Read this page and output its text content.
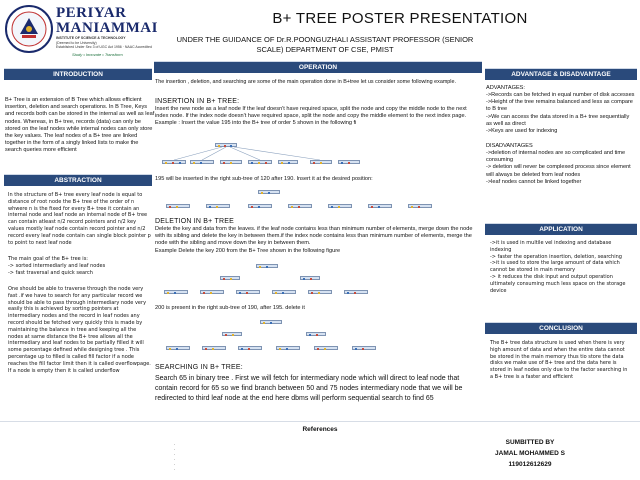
PERIYAR
MANIAMMAI
INSTITUTE OF SCIENCE & TECHNOLOGY
(Deemed to be University)
Established Under Sec 3 of UGC Act 1956 · NAAC Accredited
Study • Innovate • Transform
B+ TREE POSTER PRESENTATION
UNDER THE GUIDANCE OF Dr.R.POONGUZHALI ASSISTANT PROFESSOR (SENIOR SCALE) DEPARTMENT OF CSE, PMIST
INTRODUCTION
B+ Tree is an extension of B Tree which allows efficient insertion, deletion and search operations. In B Tree, Keys and records both can be stored in the internal as well as leaf nodes. Whereas, in B+ tree, records (data) can only be stored on the leaf nodes while internal nodes can only store the key values. The leaf nodes of a B+ tree are linked together in the form of a singly linked lists to make the search queries more efficient
ABSTRACTION
In the structure of B+ tree every leaf node is equal to distance of root node the B+ tree of the order of n whwere n is the fixed for every B+ tree it contain an internal node and leaf node an internal node of B+ tree can contain atleast n/2 record pointers and n/2 key values mostly leaf node contain record pointer and n/2 record every leaf node contain can single block pointer p to point to next leaf node
The main goal of the B+ tree is:
-> sorted intermediarly and leaf nodes
-> fast traversal and quick search
One should be able to traverse through the node very fast .if we have to search for any particular record we should be able to pass through intermediary node very easily this is achieved by sorting pointers at intermediary nodes and the record in leaf nodes any record should be fetched very quickly this is made by maintaining the balance in tree and keeping all the nodes at same distance the B+ tree allows all the intermediary and leaf nodes to be partially filled it will some percentage defined while designing tree . This percentage up to filled is called fill factor if a node reaches the fill factor limit then it is called overflowpage. If a node is empty then it is called underflow
OPERATION
The insertion , deletion, and searching are some of the main operation done in B+tree let us consider some following example.
INSERTION IN B+ TREE:
Insert the new node as a leaf node If the leaf doesn't have required space, split the node and copy the middle node to the next index node. If the index node doesn't have required space, split the node and copy the middle element to the next index page.
Example : Insert the value 195 into the B+ tree of order 5 shown in the following fi
195 will be inserted in the right sub-tree of 120 after 190. Insert it at the desired position:
DELETION IN B+ TREE
Delete the key and data from the leaves. if the leaf node contains less than minimum number of elements, merge down the node with its sibling and delete the key in between them.if the index node contains less than minimum number of elements, merge the node with the sibling and move down the key in between them.
Example Delete the key 200 from the B+ Tree shown in the following figure
200 is present in the right sub-tree of 190, after 195. delete it
SEARCHING IN B+ TREE:
Search 65 in binary tree . First we will fetch for intermediary node which will direct to leaf node that contain record for 65 so we find branch between 50 and 75 nodes intermediary node that we will be redirected to third leaf node at the end here dbms will perform sequential search to find 65
ADVANTAGE & DISADVANTAGE
ADVANTAGES:
->Records can be fetched in equal number of disk accesses
->Height of the tree remains balanced and less as compare to B tree
->We can access the data stored in a B+ tree sequentially as well as direct
->Keys are used for indexing
DISADVANTAGES
->deletion of internal nodes are so complicated and time consuming
-> deletion will never be complexed process since element will always be deleted from leaf nodes
->leaf nodes cannot be linked together
APPLICATION
->it is used in multile vel indexing and database indexing
-> faster the operation insertion, deletion, searching
->it is used to store the large amount of data which cannot be stored in main memory
-> it reduces the disk input and output operation ultimately consuming much less space on the storage device
CONCLUSION
The B+ tree data structure is used when there is very high amount of data and when the entire data cannot be stored in the main memory thus tio store the data disks we make use of B+ tree and the data here is stored in leaf nodes only due to the factor searching in a B+ tree is a faster and efficient
References
.
.
.
.
.
.
SUMBITTED BY
JAMAL MOHAMMED S
119012612629
